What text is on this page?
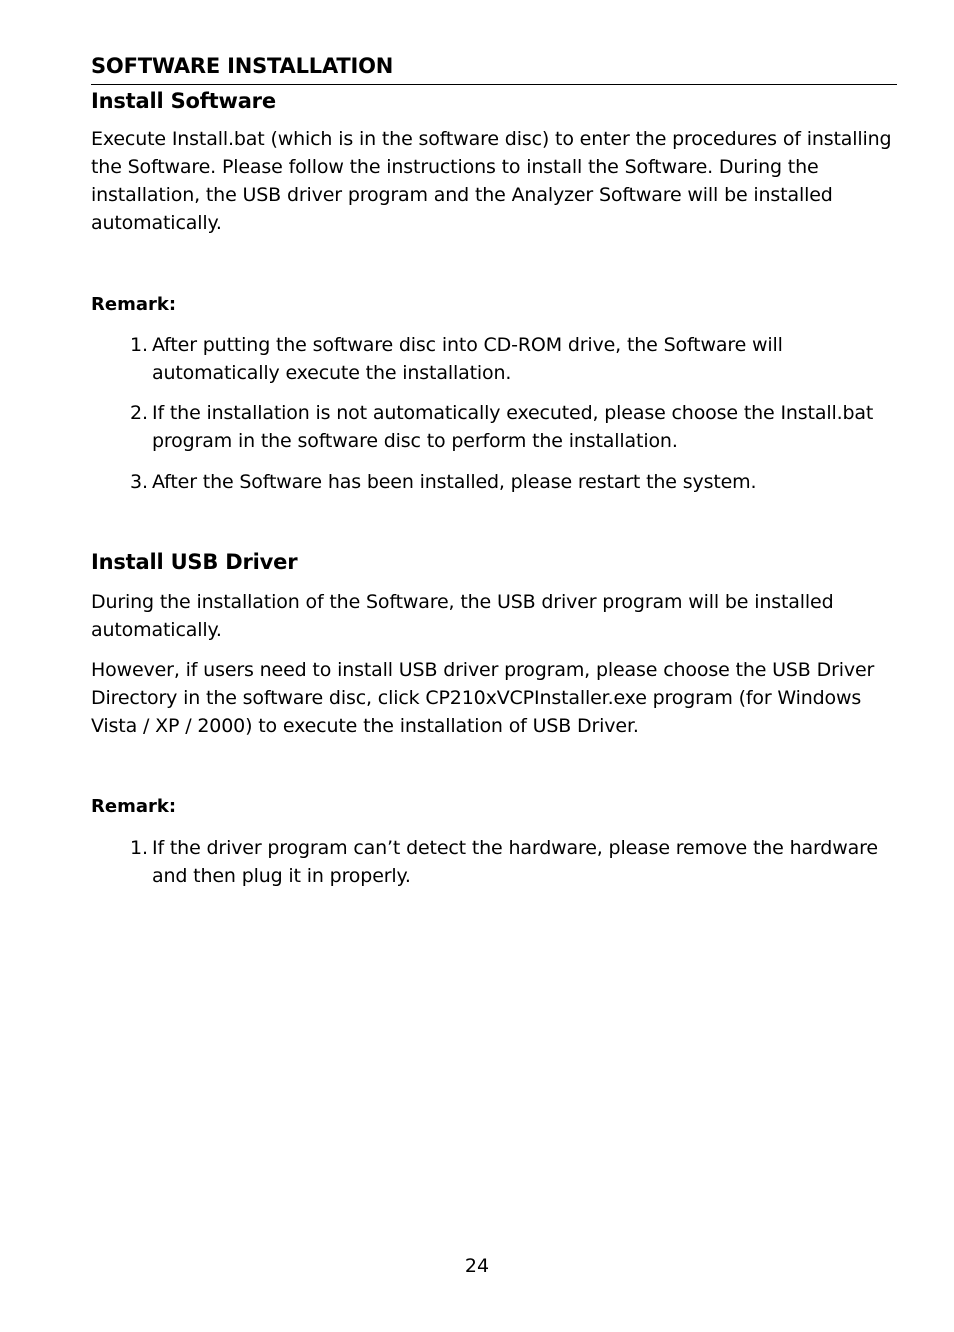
SOFTWARE INSTALLATION
Install Software

Execute Install.bat (which is in the software disc) to enter the procedures of installing the Software. Please follow the instructions to install the Software. During the installation, the USB driver program and the Analyzer Software will be installed automatically.

Remark:

1. After putting the software disc into CD-ROM drive, the Software will automatically execute the installation.
2. If the installation is not automatically executed, please choose the Install.bat program in the software disc to perform the installation.
3. After the Software has been installed, please restart the system.
Install USB Driver

During the installation of the Software, the USB driver program will be installed automatically.

However, if users need to install USB driver program, please choose the USB Driver Directory in the software disc, click CP210xVCPInstaller.exe program (for Windows Vista / XP / 2000) to execute the installation of USB Driver.

Remark:

1. If the driver program can’t detect the hardware, please remove the hardware and then plug it in properly.
24
